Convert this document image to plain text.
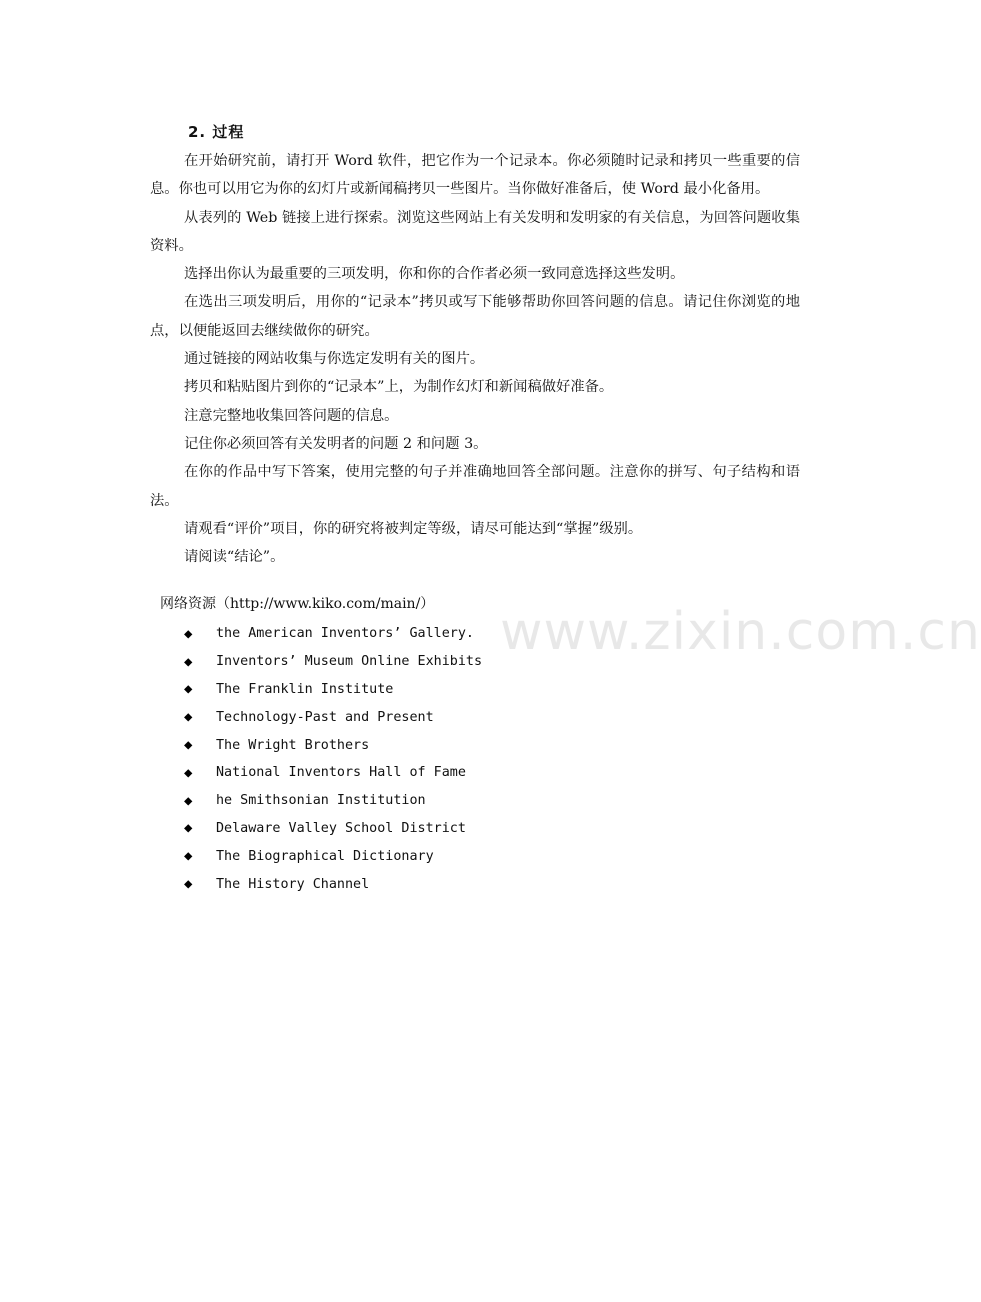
2. 过程

在开始研究前，请打开 Word 软件，把它作为一个记录本。你必须随时记录和拷贝一些重要的信息。你也可以用它为你的幻灯片或新闻稿拷贝一些图片。当你做好准备后，使 Word 最小化备用。

从表列的 Web 链接上进行探索。浏览这些网站上有关发明和发明家的有关信息，为回答问题收集资料。

选择出你认为最重要的三项发明，你和你的合作者必须一致同意选择这些发明。

在选出三项发明后，用你的“记录本”拷贝或写下能够帮助你回答问题的信息。请记住你浏览的地点，以便能返回去继续做你的研究。

通过链接的网站收集与你选定发明有关的图片。

拷贝和粘贴图片到你的“记录本”上，为制作幻灯和新闻稿做好准备。

注意完整地收集回答问题的信息。

记住你必须回答有关发明者的问题 2 和问题 3。

在你的作品中写下答案，使用完整的句子并准确地回答全部问题。注意你的拼写、句子结构和语法。

请观看“评价”项目，你的研究将被判定等级，请尽可能达到“掌握”级别。

请阅读“结论”。

网络资源（http://www.kiko.com/main/）
◆	the American Inventors’ Gallery.
◆	Inventors’ Museum Online Exhibits
◆	The Franklin Institute
◆	Technology-Past and Present
◆	The Wright Brothers
◆	National Inventors Hall of Fame
◆	he Smithsonian Institution
◆	Delaware Valley School District
◆	The Biographical Dictionary
◆	The History Channel
www.zixin.com.cn
